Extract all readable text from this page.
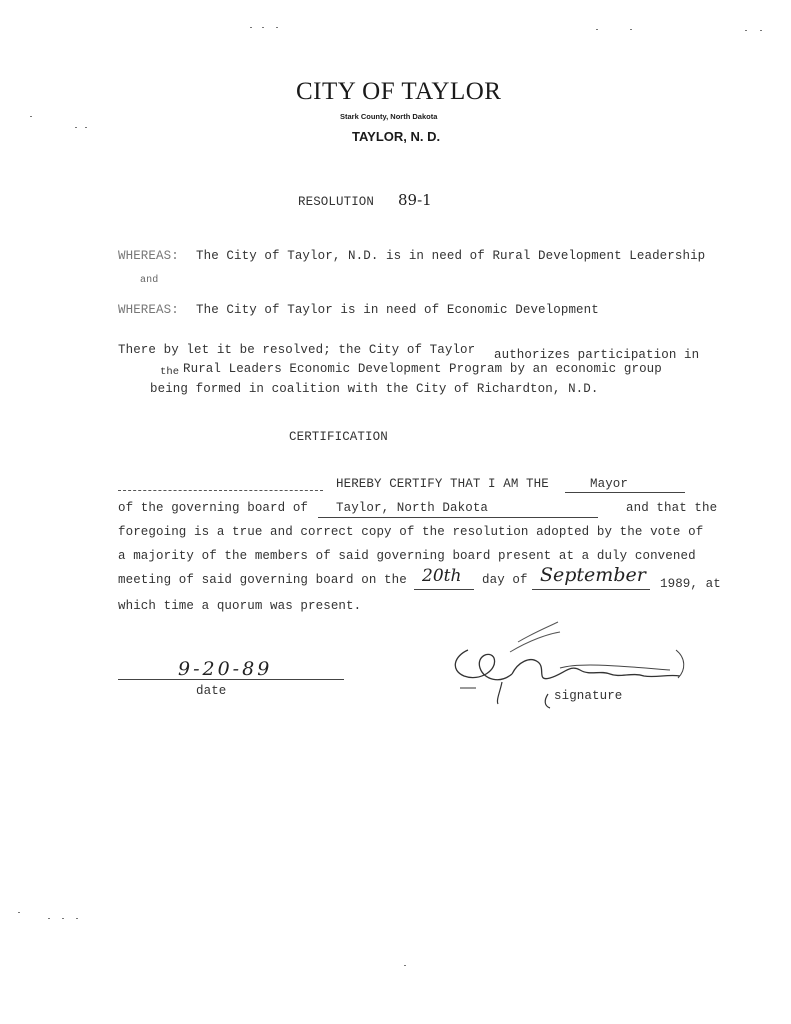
CITY OF TAYLOR
Stark County, North Dakota
TAYLOR, N. D.
RESOLUTION 89-1
WHEREAS: The City of Taylor, N.D. is in need of Rural Development Leadership
and
WHEREAS: The City of Taylor is in need of Economic Development
There by let it be resolved; the City of Taylor authorizes participation in
the Rural Leaders Economic Development Program by an economic group
being formed in coalition with the City of Richardton, N.D.
CERTIFICATION
HEREBY CERTIFY THAT I AM THE	Mayor
of the governing board of Taylor, North Dakota	and that the
foregoing is a true and correct copy of the resolution adopted by the vote of
a majority of the members of said governing board present at a duly convened
meeting of said governing board on the 20th day of September 1989, at
which time a quorum was present.
9-20-89
date	signature
